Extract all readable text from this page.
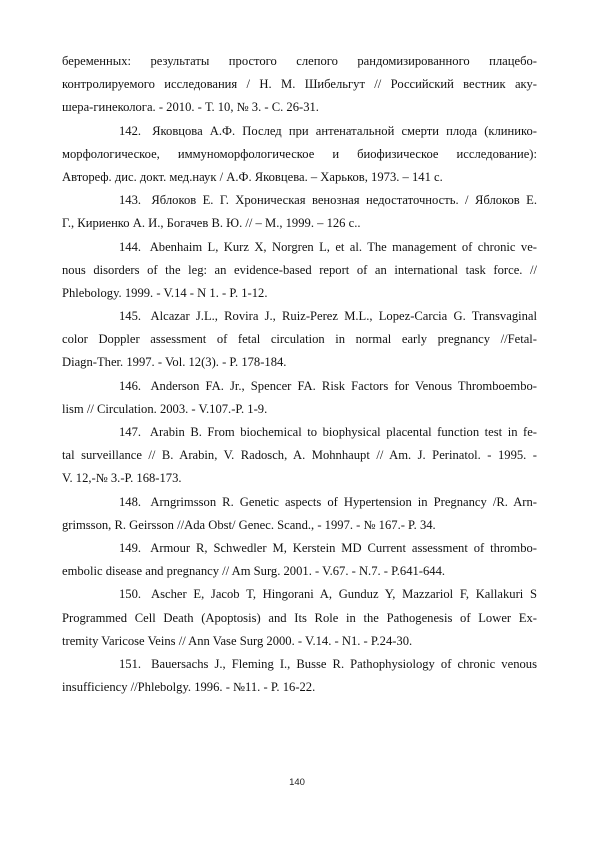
беременных: результаты простого слепого рандомизированного плацебо-
контролируемого исследования / Н. М. Шибельгут // Российский вестник аку-
шера-гинеколога. - 2010. - Т. 10, № 3. - С. 26-31.
142. Яковцова А.Ф. Послед при антенатальной смерти плода (клинико-
морфологическое, иммуноморфологическое и биофизическое исследование):
Автореф. дис. докт. мед.наук / А.Ф. Яковцева. – Харьков, 1973. – 141 с.
143. Яблоков Е. Г. Хроническая венозная недостаточность. / Яблоков Е.
Г., Кириенко А. И., Богачев В. Ю. // – М., 1999. – 126 с..
144. Abenhaim L, Kurz X, Norgren L, et al. The management of chronic ve-
nous disorders of the leg: an evidence-based report of an international task force. //
Phlebology. 1999. - V.14 - N 1. - P. 1-12.
145. Alcazar J.L., Rovira J., Ruiz-Perez M.L., Lopez-Carcia G. Transvaginal
color Doppler assessment of fetal circulation in normal early pregnancy //Fetal-
Diagn-Ther. 1997. - Vol. 12(3). - P. 178-184.
146. Anderson FA. Jr., Spencer FA. Risk Factors for Venous Thromboembo-
lism // Circulation. 2003. - V.107.-P. 1-9.
147. Arabin B. From biochemical to biophysical placental function test in fe-
tal surveillance // B. Arabin, V. Radosch, A. Mohnhaupt // Am. J. Perinatol. - 1995. -
V. 12,-№ 3.-P. 168-173.
148. Arngrimsson R. Genetic aspects of Hypertension in Pregnancy /R. Arn-
grimsson, R. Geirsson //Ada Obst/ Genec. Scand., - 1997. - № 167.- P. 34.
149. Armour R, Schwedler M, Kerstein MD Current assessment of thrombo-
embolic disease and pregnancy // Am Surg. 2001. - V.67. - N.7. - P.641-644.
150. Ascher E, Jacob T, Hingorani A, Gunduz Y, Mazzariol F, Kallakuri S
Programmed Cell Death (Apoptosis) and Its Role in the Pathogenesis of Lower Ex-
tremity Varicose Veins // Ann Vase Surg 2000. - V.14. - N1. - P.24-30.
151. Bauersachs J., Fleming I., Busse R. Pathophysiology of chronic venous
insufficiency //Phlebolgy. 1996. - №11. - P. 16-22.
140
